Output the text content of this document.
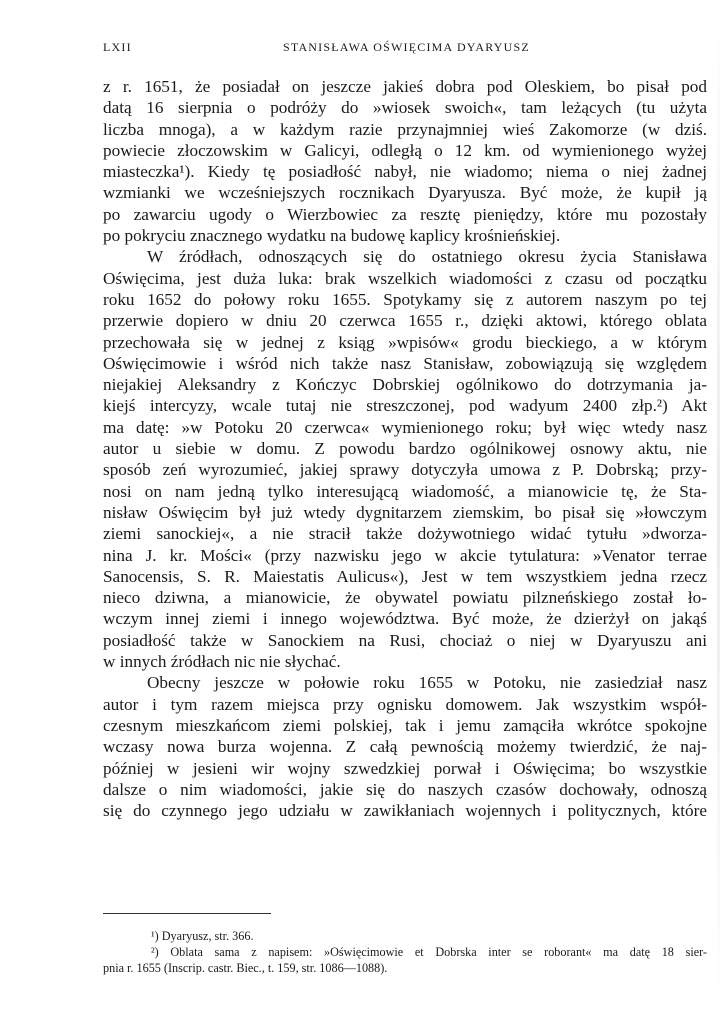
LXII	STANISŁAWA OŚWIĘCIMA DYARYUSZ
z r. 1651, że posiadał on jeszcze jakieś dobra pod Oleskiem, bo pisał pod
datą 16 sierpnia o podróży do »wiosek swoich«, tam leżących (tu użyta
liczba mnoga), a w każdym razie przynajmniej wieś Zakomorze (w dziś.
powiecie złoczowskim w Galicyi, odległą o 12 km. od wymienionego wyżej
miasteczka¹). Kiedy tę posiadłość nabył, nie wiadomo; niema o niej żadnej
wzmianki we wcześniejszych rocznikach Dyaryusza. Być może, że kupił ją
po zawarciu ugody o Wierzbowiec za resztę pieniędzy, które mu pozostały
po pokryciu znacznego wydatku na budowę kaplicy krośnieńskiej.
W źródłach, odnoszących się do ostatniego okresu życia Stanisława
Oświęcima, jest duża luka: brak wszelkich wiadomości z czasu od początku
roku 1652 do połowy roku 1655. Spotykamy się z autorem naszym po tej
przerwie dopiero w dniu 20 czerwca 1655 r., dzięki aktowi, którego oblata
przechowała się w jednej z ksiąg »wpisów« grodu bieckiego, a w którym
Oświęcimowie i wśród nich także nasz Stanisław, zobowiązują się względem
niejakiej Aleksandry z Kończyc Dobrskiej ogólnikowo do dotrzymania ja-
kiejś intercyzy, wcale tutaj nie streszczonej, pod wadyum 2400 złp.²) Akt
ma datę: »w Potoku 20 czerwca« wymienionego roku; był więc wtedy nasz
autor u siebie w domu. Z powodu bardzo ogólnikowej osnowy aktu, nie
sposób zeń wyrozumieć, jakiej sprawy dotyczyła umowa z P. Dobrską; przy-
nosi on nam jedną tylko interesującą wiadomość, a mianowicie tę, że Sta-
nisław Oświęcim był już wtedy dygnitarzem ziemskim, bo pisał się »łowczym
ziemi sanockiej«, a nie stracił także dożywotniego widać tytułu »dworza-
nina J. kr. Mości« (przy nazwisku jego w akcie tytulatura: »Venator terrae
Sanocensis, S. R. Maiestatis Aulicus«), Jest w tem wszystkiem jedna rzecz
nieco dziwna, a mianowicie, że obywatel powiatu pilzneńskiego został ło-
wczym innej ziemi i innego województwa. Być może, że dzierżył on jakąś
posiadłość także w Sanockiem na Rusi, chociaż o niej w Dyaryuszu ani
w innych źródłach nic nie słychać.
Obecny jeszcze w połowie roku 1655 w Potoku, nie zasiedział nasz
autor i tym razem miejsca przy ognisku domowem. Jak wszystkim współ-
czesnym mieszkańcom ziemi polskiej, tak i jemu zamąciła wkrótce spokojne
wczasy nowa burza wojenna. Z całą pewnością możemy twierdzić, że naj-
później w jesieni wir wojny szwedzkiej porwał i Oświęcima; bo wszystkie
dalsze o nim wiadomości, jakie się do naszych czasów dochowały, odnoszą
się do czynnego jego udziału w zawikłaniach wojennych i politycznych, które
¹) Dyaryusz, str. 366.
²) Oblata sama z napisem: »Oświęcimowie et Dobrska inter se roborant« ma datę 18 sier-
pnia r. 1655 (Inscrip. castr. Biec., t. 159, str. 1086—1088).
